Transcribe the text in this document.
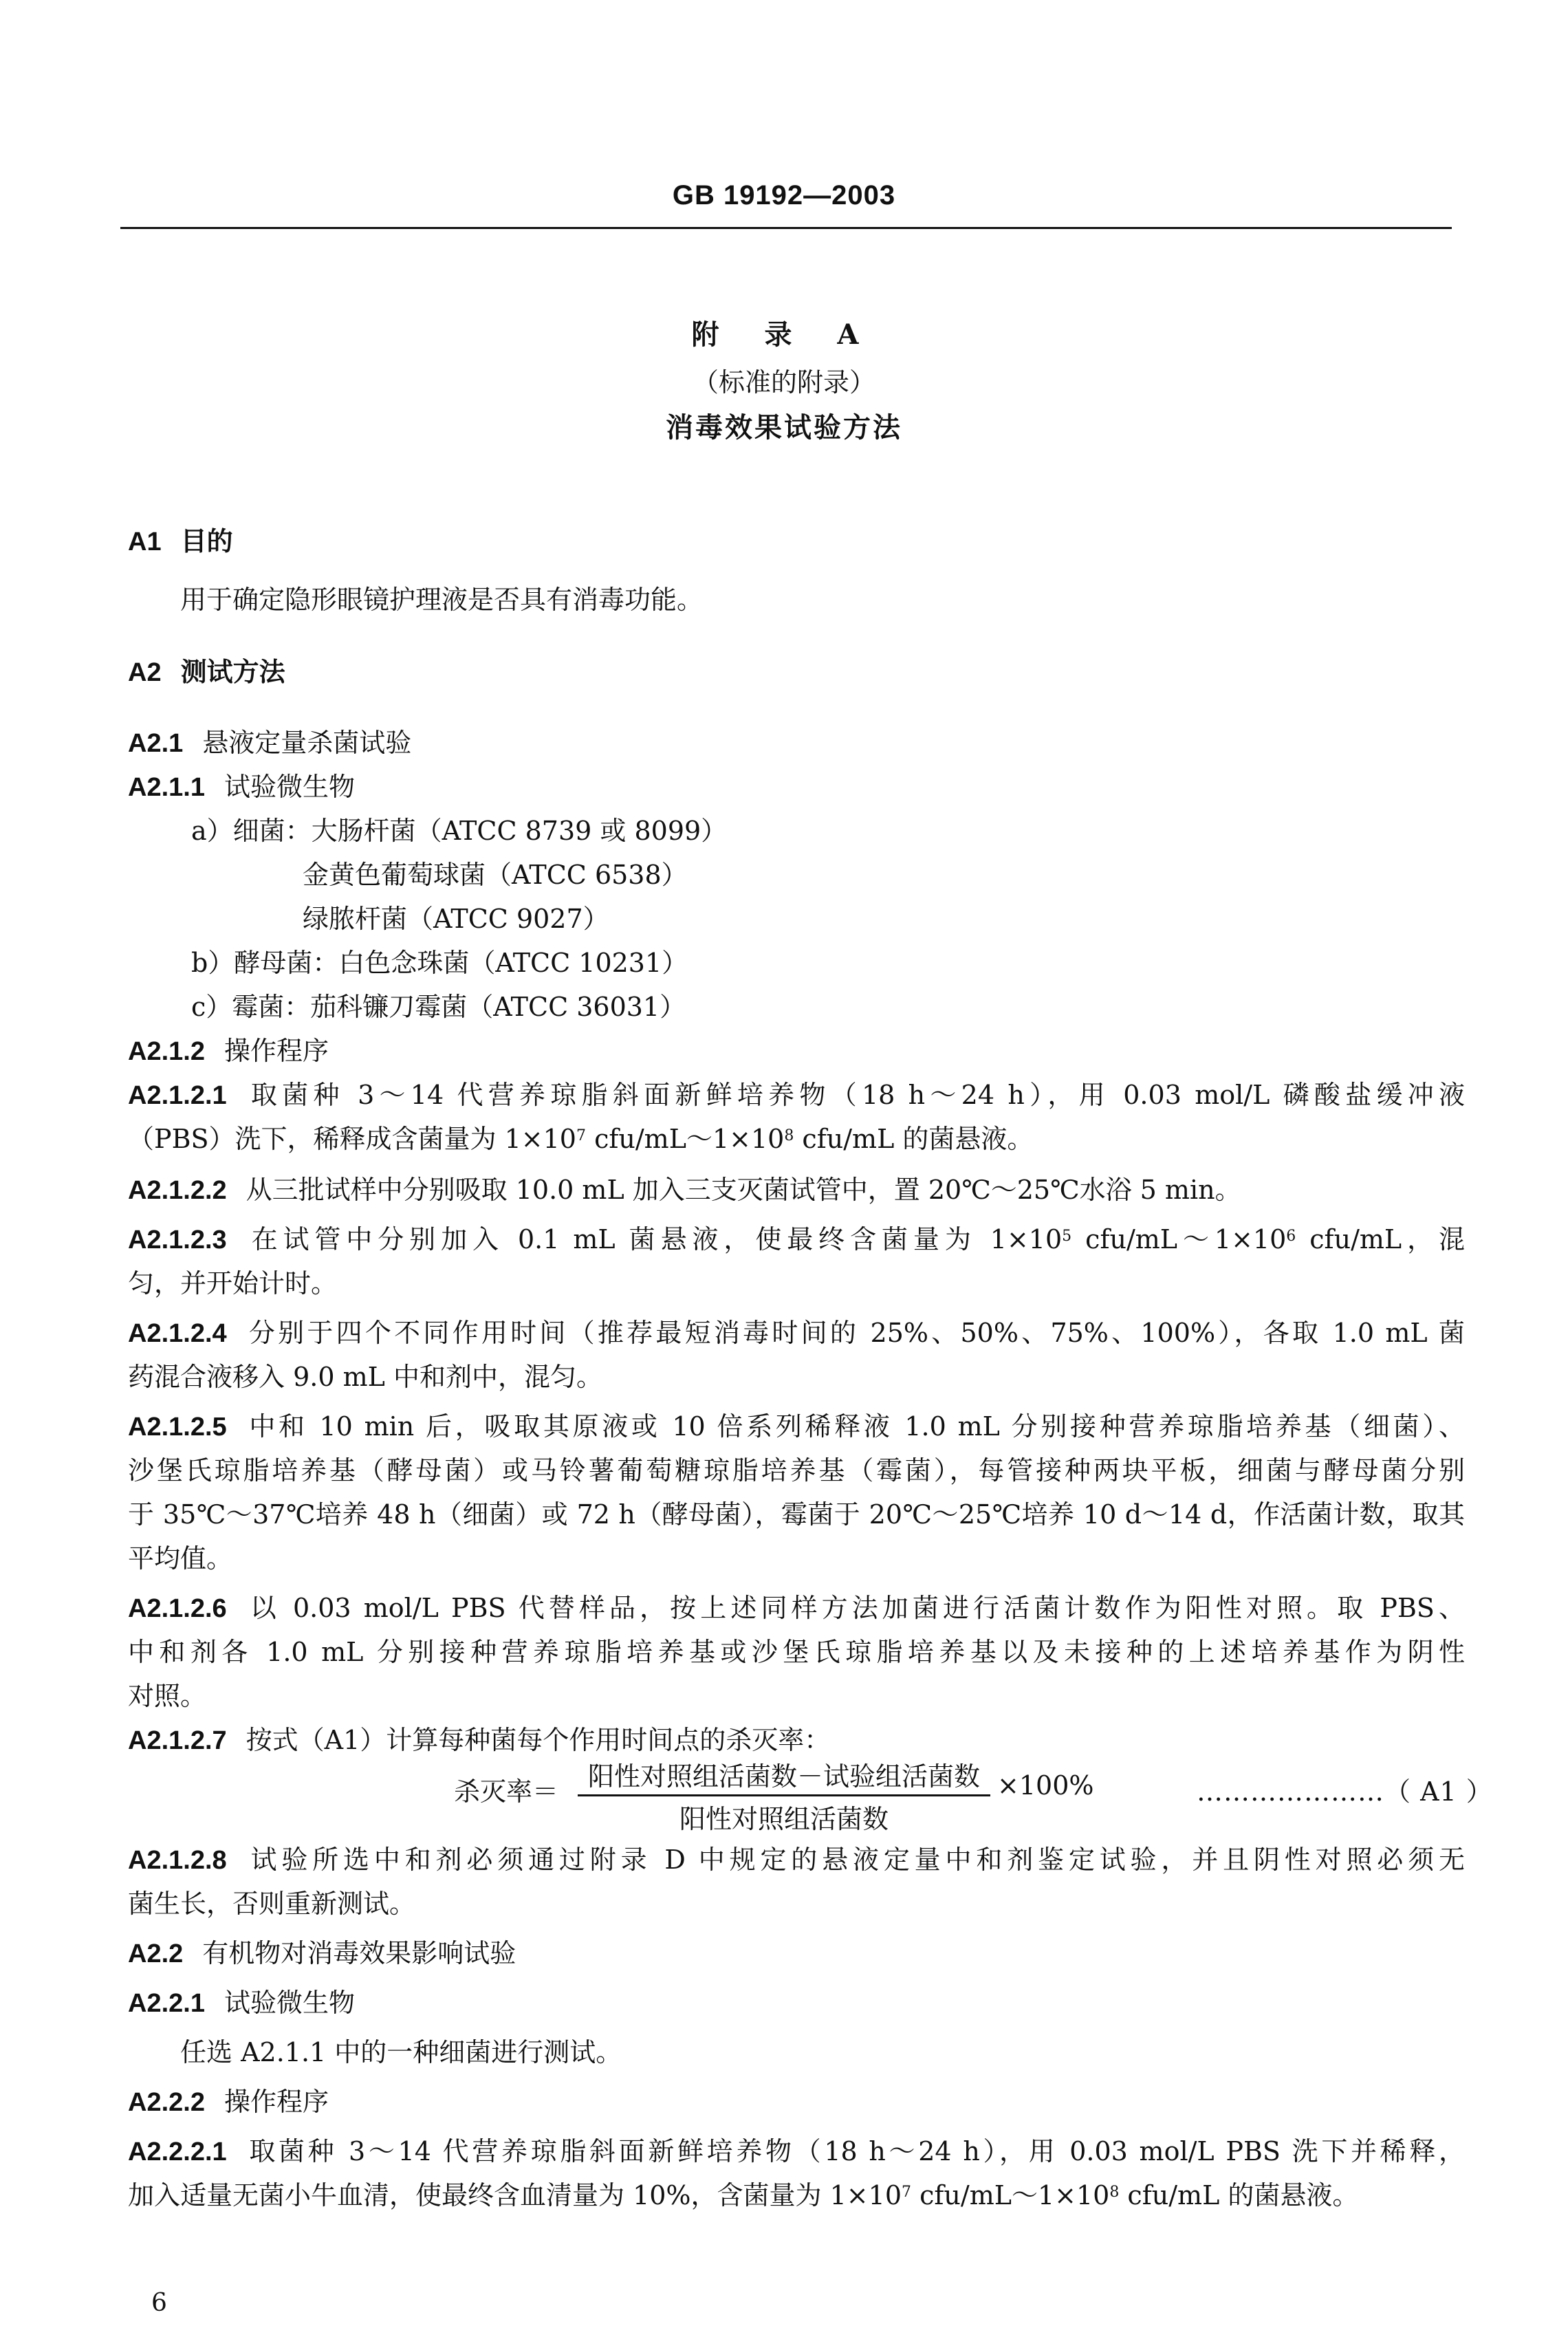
GB 19192—2003
附 录 A
（标准的附录）
消毒效果试验方法
A1 目的
用于确定隐形眼镜护理液是否具有消毒功能。
A2 测试方法
A2.1 悬液定量杀菌试验
A2.1.1 试验微生物
a）细菌：大肠杆菌（ATCC 8739 或 8099）
金黄色葡萄球菌（ATCC 6538）
绿脓杆菌（ATCC 9027）
b）酵母菌：白色念珠菌（ATCC 10231）
c）霉菌：茄科镰刀霉菌（ATCC 36031）
A2.1.2 操作程序
A2.1.2.1 取菌种 3～14 代营养琼脂斜面新鲜培养物（18 h～24 h），用 0.03 mol/L 磷酸盐缓冲液
（PBS）洗下，稀释成含菌量为 $1\times 10^7$ cfu/$mL\sim 1\times 10^8$ cfu/mL 的菌悬液。
A2.1.2.2 从三批试样中分别吸取 10.0 mL 加入三支灭菌试管中，置 20℃～25℃水浴 5 min。
A2.1.2.3 在试管中分别加入 0.1 mL 菌悬液，使最终含菌量为 $1\times 10^5$ cfu/$mL\sim 1\times 10^6$ cfu/mL，混
匀，并开始计时。
A2.1.2.4 分别于四个不同作用时间（推荐最短消毒时间的 25%、50%、75%、100%），各取 1.0 mL 菌
药混合液移入 9.0 mL 中和剂中，混匀。
A2.1.2.5 中和 10 min 后，吸取其原液或 10 倍系列稀释液 1.0 mL 分别接种营养琼脂培养基（细菌）、
沙堡氏琼脂培养基（酵母菌）或马铃薯葡萄糖琼脂培养基（霉菌），每管接种两块平板，细菌与酵母菌分别
于 35℃～37℃培养 48 h（细菌）或 72 h（酵母菌），霉菌于 20℃～25℃培养 10 d～14 d，作活菌计数，取其
平均值。
A2.1.2.6 以 0.03 mol/L PBS 代替样品，按上述同样方法加菌进行活菌计数作为阳性对照。取 PBS、
中和剂各 1.0 mL 分别接种营养琼脂培养基或沙堡氏琼脂培养基以及未接种的上述培养基作为阴性
对照。
A2.1.2.7 按式（A1）计算每种菌每个作用时间点的杀灭率：
杀灭率＝	阳性对照组活菌数－试验组活菌数
阳性对照组活菌数
×100%	…………………（ A1 ）
A2.1.2.8 试验所选中和剂必须通过附录 D 中规定的悬液定量中和剂鉴定试验，并且阴性对照必须无
菌生长，否则重新测试。
A2.2 有机物对消毒效果影响试验
A2.2.1 试验微生物
任选 A2.1.1 中的一种细菌进行测试。
A2.2.2 操作程序
A2.2.2.1 取菌种 3～14 代营养琼脂斜面新鲜培养物（18 h～24 h），用 0.03 mol/L PBS 洗下并稀释，
加入适量无菌小牛血清，使最终含血清量为 10%，含菌量为 $1\times 10^7$ cfu/$mL\sim 1\times 10^8$ cfu/mL 的菌悬液。
6
